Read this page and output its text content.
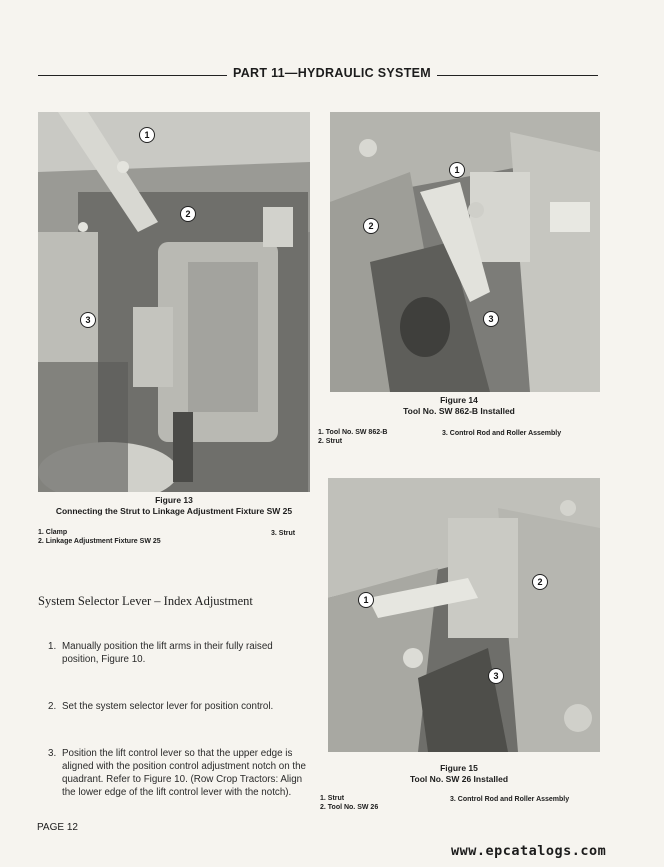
PART 11—HYDRAULIC SYSTEM
1
2
3
Figure 13
Connecting the Strut to Linkage Adjustment Fixture SW 25
1. Clamp
2. Linkage Adjustment Fixture SW 25
3. Strut
1
2
3
Figure 14
Tool No. SW 862-B Installed
1. Tool No. SW 862-B
2. Strut
3. Control Rod and Roller Assembly
1
2
3
Figure 15
Tool No. SW 26 Installed
1. Strut
2. Tool No. SW 26
3. Control Rod and Roller Assembly
System Selector Lever – Index Adjustment
1. Manually position the lift arms in their fully raised position, Figure 10.
2. Set the system selector lever for position control.
3. Position the lift control lever so that the upper edge is aligned with the position control adjustment notch on the quadrant. Refer to Figure 10. (Row Crop Tractors: Align the lower edge of the lift control lever with the notch).
PAGE 12
www.epcatalogs.com
